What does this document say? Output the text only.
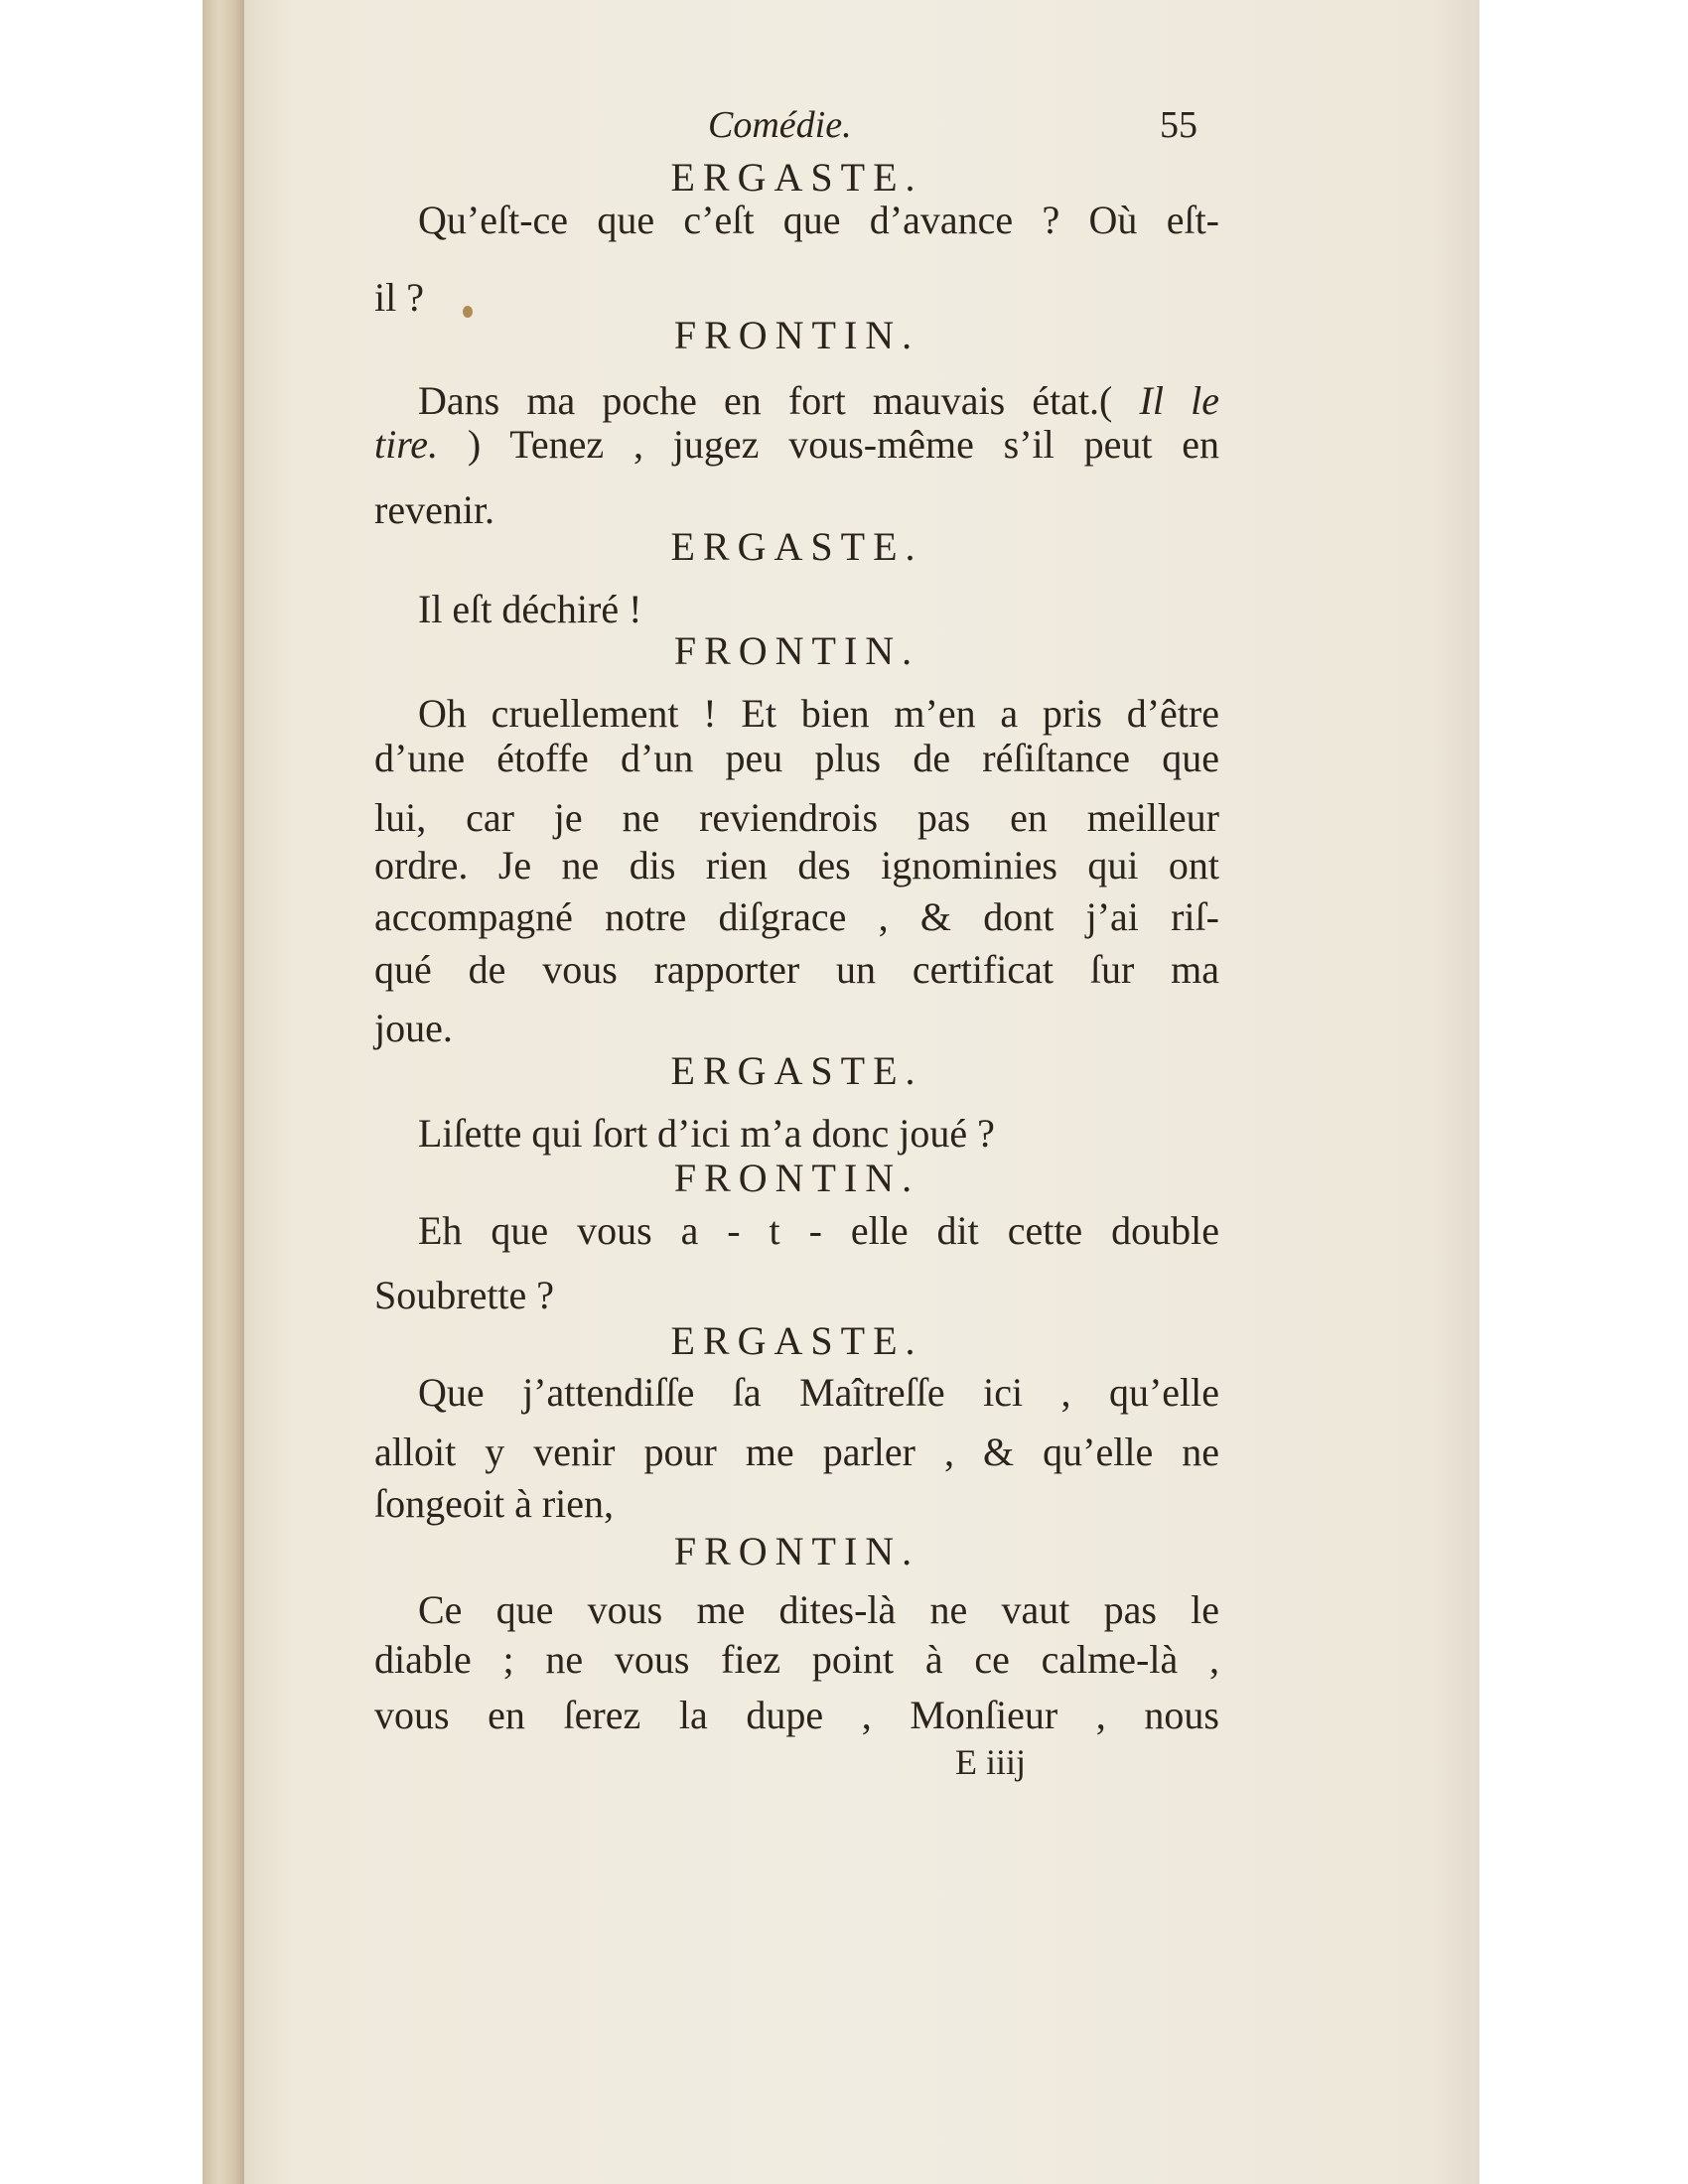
Comédie.	55
ERGASTE.
Qu’eſt-ce que c’eſt que d’avance ? Où eſt-
il ?
FRONTIN.
Dans ma poche en fort mauvais état.( Il le
tire. ) Tenez , jugez vous-même s’il peut en
revenir.
ERGASTE.
Il eſt déchiré !
FRONTIN.
Oh cruellement ! Et bien m’en a pris d’être
d’une étoffe d’un peu plus de réſiſtance que
lui, car je ne reviendrois pas en meilleur
ordre. Je ne dis rien des ignominies qui ont
accompagné notre diſgrace , & dont j’ai riſ-
qué de vous rapporter un certificat ſur ma
joue.
ERGASTE.
Liſette qui ſort d’ici m’a donc joué ?
FRONTIN.
Eh que vous a - t - elle dit cette double
Soubrette ?
ERGASTE.
Que j’attendiſſe ſa Maîtreſſe ici , qu’elle
alloit y venir pour me parler , & qu’elle ne
ſongeoit à rien,
FRONTIN.
Ce que vous me dites-là ne vaut pas le
diable ; ne vous fiez point à ce calme-là ,
vous en ſerez la dupe , Monſieur , nous
E iiij
